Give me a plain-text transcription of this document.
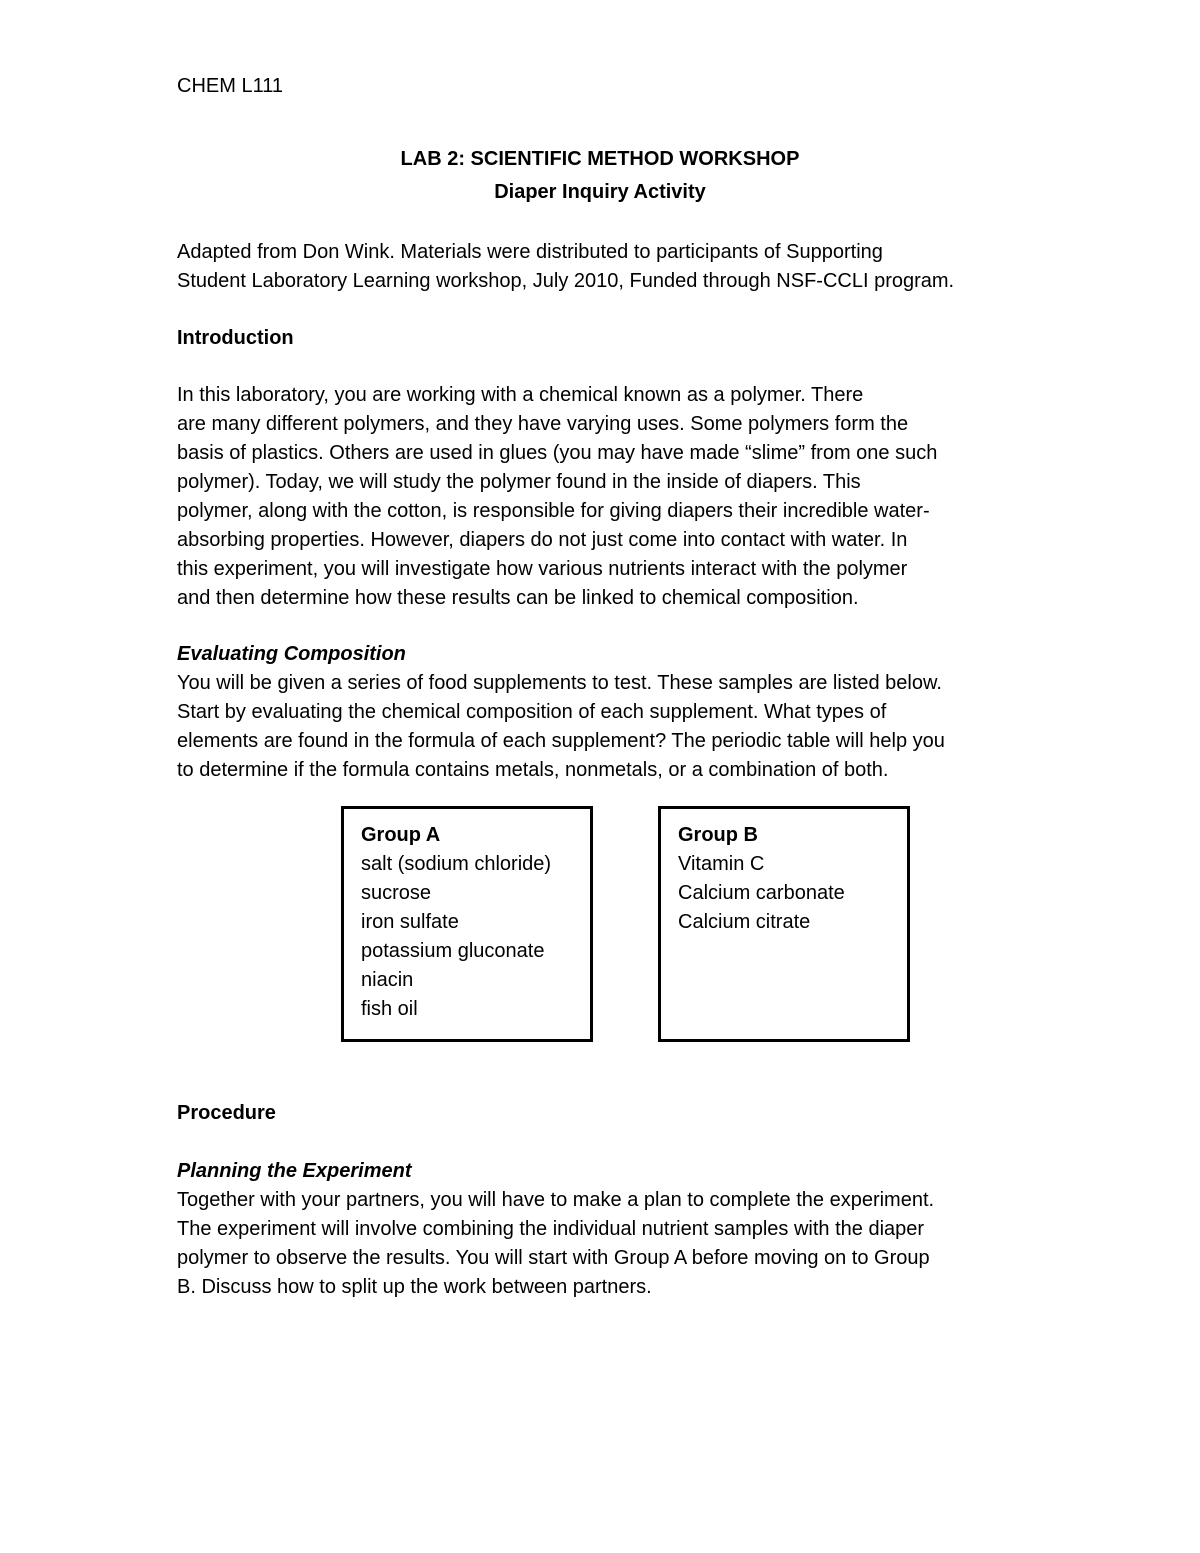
CHEM L111
LAB 2: SCIENTIFIC METHOD WORKSHOP
Diaper Inquiry Activity
Adapted from Don Wink. Materials were distributed to participants of Supporting
Student Laboratory Learning workshop, July 2010, Funded through NSF-CCLI program.
Introduction
In this laboratory, you are working with a chemical known as a polymer. There
are many different polymers, and they have varying uses. Some polymers form the
basis of plastics. Others are used in glues (you may have made “slime” from one such
polymer). Today, we will study the polymer found in the inside of diapers. This
polymer, along with the cotton, is responsible for giving diapers their incredible water-
absorbing properties. However, diapers do not just come into contact with water. In
this experiment, you will investigate how various nutrients interact with the polymer
and then determine how these results can be linked to chemical composition.
Evaluating Composition
You will be given a series of food supplements to test. These samples are listed below.
Start by evaluating the chemical composition of each supplement. What types of
elements are found in the formula of each supplement? The periodic table will help you
to determine if the formula contains metals, nonmetals, or a combination of both.
Group A
salt (sodium chloride)
sucrose
iron sulfate
potassium gluconate
niacin
fish oil
Group B
Vitamin C
Calcium carbonate
Calcium citrate
Procedure
Planning the Experiment
Together with your partners, you will have to make a plan to complete the experiment.
The experiment will involve combining the individual nutrient samples with the diaper
polymer to observe the results. You will start with Group A before moving on to Group
B. Discuss how to split up the work between partners.
